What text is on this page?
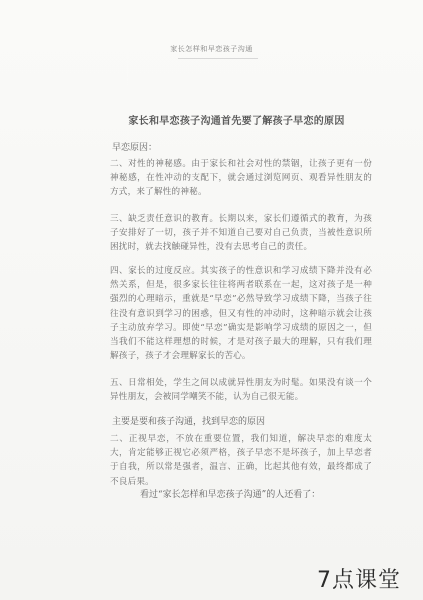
家长怎样和早恋孩子沟通
家长和早恋孩子沟通首先要了解孩子早恋的原因
早恋原因：

二、对性的神秘感。由于家长和社会对性的禁锢，让孩子更有一份神秘感，在性冲动的支配下，就会通过浏览网页、观看异性朋友的方式，来了解性的神秘。

三、缺乏责任意识的教育。长期以来，家长们遵循式的教育，为孩子安排好了一切，孩子并不知道自己要对自己负责，当被性意识所困扰时，就去找触碰异性，没有去思考自己的责任。

四、家长的过度反应。其实孩子的性意识和学习成绩下降并没有必然关系，但是，很多家长往往将两者联系在一起，这对孩子是一种强烈的心理暗示，重就是“早恋”必然导致学习成绩下降，当孩子往往没有意识到学习的困惑，但又有性的冲动时，这种暗示就会让孩子主动放弃学习。即使“早恋”确实是影响学习成绩的原因之一，但当我们不能这样理想的时候，才是对孩子最大的理解，只有我们理解孩子，孩子才会理解家长的苦心。

五、日常相处，学生之间以成就异性朋友为时髦。如果没有谈一个异性朋友，会被同学嘲笑不能，认为自己很无能。

主要是要和孩子沟通，找到早恋的原因

二、正视早恋，不放在重要位置，我们知道，解决早恋的难度太大，肯定能够正视它必须严格，孩子早恋不是坏孩子，加上早恋者于自我，所以常是强者，温言、正确，比起其他有效，最终都成了不良后果。

看过“家长怎样和早恋孩子沟通”的人还看了：
7点课堂
